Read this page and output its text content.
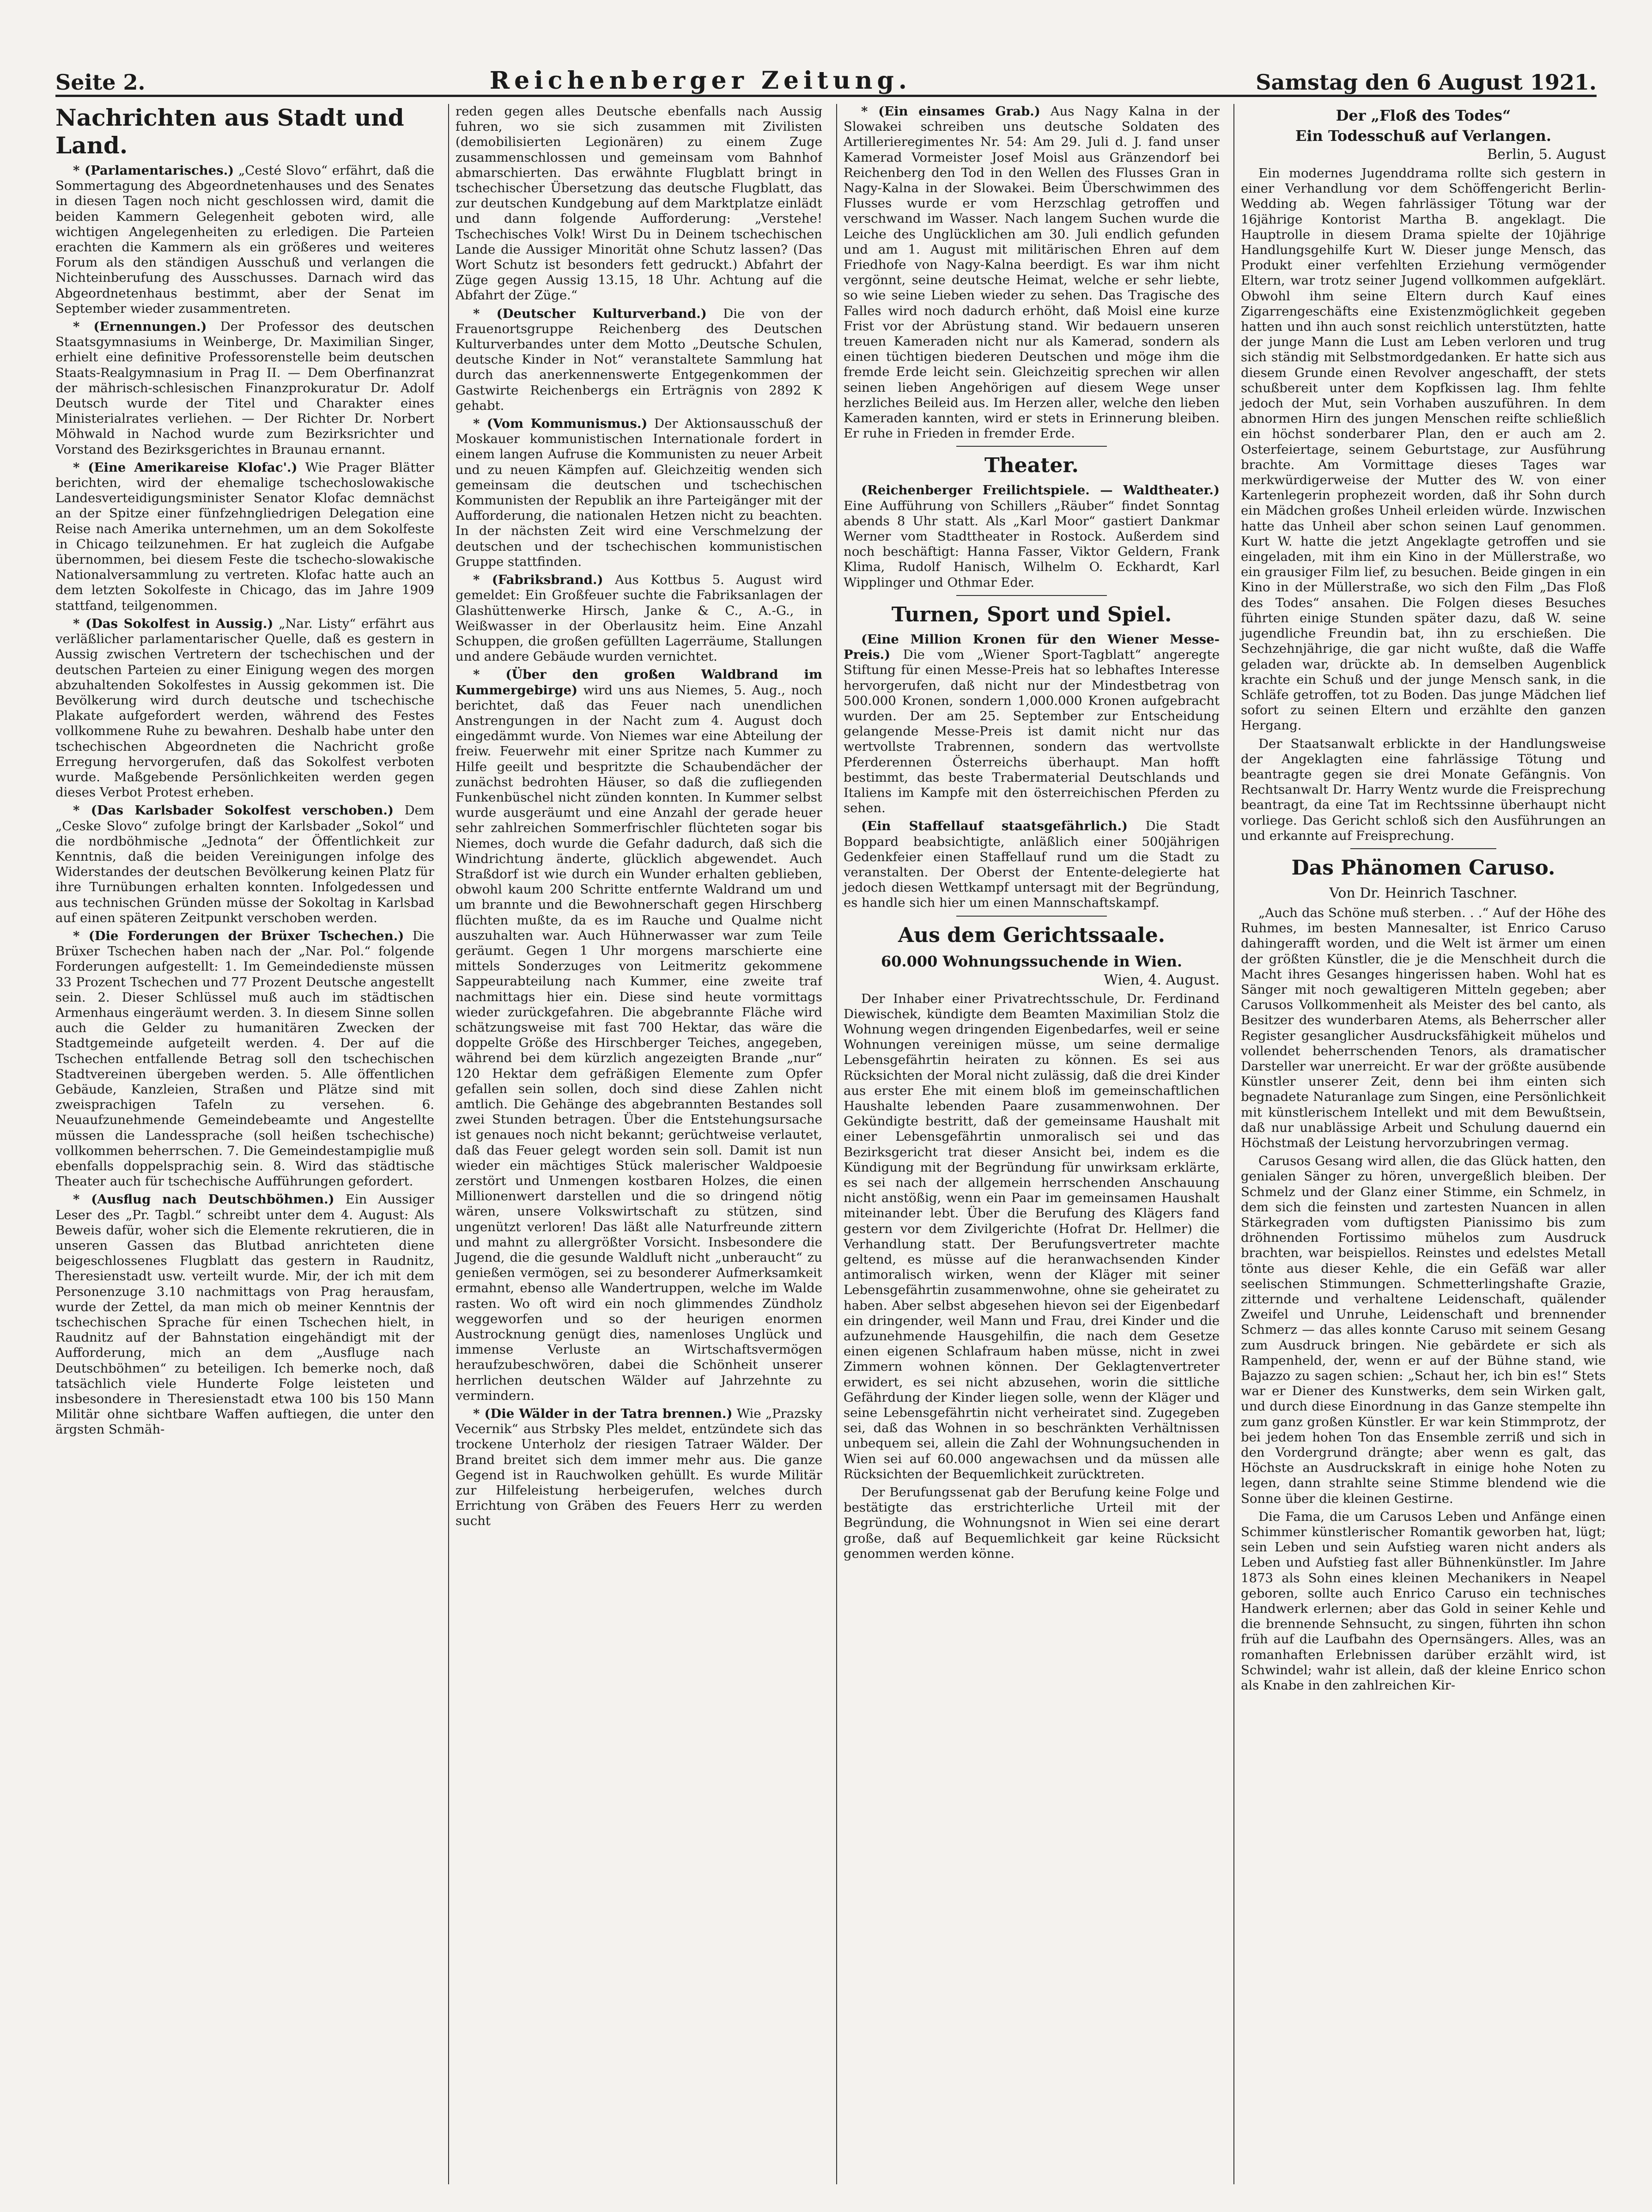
Seite 2.	Reichenberger Zeitung.	Samstag den 6 August 1921.
Nachrichten aus Stadt und Land.

* (Parlamentarisches.) „Cesté Slovo“ erfährt, daß die Sommertagung des Abgeordnetenhauses und des Senates in diesen Tagen noch nicht geschlossen wird, damit die beiden Kammern Gelegenheit geboten wird, alle wichtigen Angelegenheiten zu erledigen. Die Parteien erachten die Kammern als ein größeres und weiteres Forum als den ständigen Ausschuß und verlangen die Nichteinberufung des Ausschusses. Darnach wird das Abgeordnetenhaus bestimmt, aber der Senat im September wieder zusammentreten.

* (Ernennungen.) Der Professor des deutschen Staatsgymnasiums in Weinberge, Dr. Maximilian Singer, erhielt eine definitive Professorenstelle beim deutschen Staats-Realgymnasium in Prag II. — Dem Oberfinanzrat der mährisch-schlesischen Finanzprokuratur Dr. Adolf Deutsch wurde der Titel und Charakter eines Ministerialrates verliehen. — Der Richter Dr. Norbert Möhwald in Nachod wurde zum Bezirksrichter und Vorstand des Bezirksgerichtes in Braunau ernannt.

* (Eine Amerikareise Klofac'.) Wie Prager Blätter berichten, wird der ehemalige tschechoslowakische Landesverteidigungsminister Senator Klofac demnächst an der Spitze einer fünfzehngliedrigen Delegation eine Reise nach Amerika unternehmen, um an dem Sokolfeste in Chicago teilzunehmen. Er hat zugleich die Aufgabe übernommen, bei diesem Feste die tschecho-slowakische Nationalversammlung zu vertreten. Klofac hatte auch an dem letzten Sokolfeste in Chicago, das im Jahre 1909 stattfand, teilgenommen.

* (Das Sokolfest in Aussig.) „Nar. Listy“ erfährt aus verläßlicher parlamentarischer Quelle, daß es gestern in Aussig zwischen Vertretern der tschechischen und der deutschen Parteien zu einer Einigung wegen des morgen abzuhaltenden Sokolfestes in Aussig gekommen ist. Die Bevölkerung wird durch deutsche und tschechische Plakate aufgefordert werden, während des Festes vollkommene Ruhe zu bewahren. Deshalb habe unter den tschechischen Abgeordneten die Nachricht große Erregung hervorgerufen, daß das Sokolfest verboten wurde. Maßgebende Persönlichkeiten werden gegen dieses Verbot Protest erheben.

* (Das Karlsbader Sokolfest verschoben.) Dem „Ceske Slovo“ zufolge bringt der Karlsbader „Sokol“ und die nordböhmische „Jednota“ der Öffentlichkeit zur Kenntnis, daß die beiden Vereinigungen infolge des Widerstandes der deutschen Bevölkerung keinen Platz für ihre Turnübungen erhalten konnten. Infolgedessen und aus technischen Gründen müsse der Sokoltag in Karlsbad auf einen späteren Zeitpunkt verschoben werden.

* (Die Forderungen der Brüxer Tschechen.) Die Brüxer Tschechen haben nach der „Nar. Pol.“ folgende Forderungen aufgestellt: 1. Im Gemeindedienste müssen 33 Prozent Tschechen und 77 Prozent Deutsche angestellt sein. 2. Dieser Schlüssel muß auch im städtischen Armenhaus eingeräumt werden. 3. In diesem Sinne sollen auch die Gelder zu humanitären Zwecken der Stadtgemeinde aufgeteilt werden. 4. Der auf die Tschechen entfallende Betrag soll den tschechischen Stadtvereinen übergeben werden. 5. Alle öffentlichen Gebäude, Kanzleien, Straßen und Plätze sind mit zweisprachigen Tafeln zu versehen. 6. Neuaufzunehmende Gemeindebeamte und Angestellte müssen die Landessprache (soll heißen tschechische) vollkommen beherrschen. 7. Die Gemeindestampiglie muß ebenfalls doppelsprachig sein. 8. Wird das städtische Theater auch für tschechische Aufführungen gefordert.

* (Ausflug nach Deutschböhmen.) Ein Aussiger Leser des „Pr. Tagbl.“ schreibt unter dem 4. August: Als Beweis dafür, woher sich die Elemente rekrutieren, die in unseren Gassen das Blutbad anrichteten diene beigeschlossenes Flugblatt das gestern in Raudnitz, Theresienstadt usw. verteilt wurde. Mir, der ich mit dem Personenzuge 3.10 nachmittags von Prag herausfam, wurde der Zettel, da man mich ob meiner Kenntnis der tschechischen Sprache für einen Tschechen hielt, in Raudnitz auf der Bahnstation eingehändigt mit der Aufforderung, mich an dem „Ausfluge nach Deutschböhmen“ zu beteiligen. Ich bemerke noch, daß tatsächlich viele Hunderte Folge leisteten und insbesondere in Theresienstadt etwa 100 bis 150 Mann Militär ohne sichtbare Waffen auftiegen, die unter den ärgsten Schmäh-

reden gegen alles Deutsche ebenfalls nach Aussig fuhren, wo sie sich zusammen mit Zivilisten (demobilisierten Legionären) zu einem Zuge zusammenschlossen und gemeinsam vom Bahnhof abmarschierten. Das erwähnte Flugblatt bringt in tschechischer Übersetzung das deutsche Flugblatt, das zur deutschen Kundgebung auf dem Marktplatze einlädt und dann folgende Aufforderung: „Verstehe! Tschechisches Volk! Wirst Du in Deinem tschechischen Lande die Aussiger Minorität ohne Schutz lassen? (Das Wort Schutz ist besonders fett gedruckt.) Abfahrt der Züge gegen Aussig 13.15, 18 Uhr. Achtung auf die Abfahrt der Züge.“

* (Deutscher Kulturverband.) Die von der Frauenortsgruppe Reichenberg des Deutschen Kulturverbandes unter dem Motto „Deutsche Schulen, deutsche Kinder in Not“ veranstaltete Sammlung hat durch das anerkennenswerte Entgegenkommen der Gastwirte Reichenbergs ein Erträgnis von 2892 K gehabt.

* (Vom Kommunismus.) Der Aktionsausschuß der Moskauer kommunistischen Internationale fordert in einem langen Aufruse die Kommunisten zu neuer Arbeit und zu neuen Kämpfen auf. Gleichzeitig wenden sich gemeinsam die deutschen und tschechischen Kommunisten der Republik an ihre Parteigänger mit der Aufforderung, die nationalen Hetzen nicht zu beachten. In der nächsten Zeit wird eine Verschmelzung der deutschen und der tschechischen kommunistischen Gruppe stattfinden.

* (Fabriksbrand.) Aus Kottbus 5. August wird gemeldet: Ein Großfeuer suchte die Fabriksanlagen der Glashüttenwerke Hirsch, Janke & C., A.-G., in Weißwasser in der Oberlausitz heim. Eine Anzahl Schuppen, die großen gefüllten Lagerräume, Stallungen und andere Gebäude wurden vernichtet.

* (Über den großen Waldbrand im Kummergebirge) wird uns aus Niemes, 5. Aug., noch berichtet, daß das Feuer nach unendlichen Anstrengungen in der Nacht zum 4. August doch eingedämmt wurde. Von Niemes war eine Abteilung der freiw. Feuerwehr mit einer Spritze nach Kummer zu Hilfe geeilt und bespritzte die Schaubendächer der zunächst bedrohten Häuser, so daß die zufliegenden Funkenbüschel nicht zünden konnten. In Kummer selbst wurde ausgeräumt und eine Anzahl der gerade heuer sehr zahlreichen Sommerfrischler flüchteten sogar bis Niemes, doch wurde die Gefahr dadurch, daß sich die Windrichtung änderte, glücklich abgewendet. Auch Straßdorf ist wie durch ein Wunder erhalten geblieben, obwohl kaum 200 Schritte entfernte Waldrand um und um brannte und die Bewohnerschaft gegen Hirschberg flüchten mußte, da es im Rauche und Qualme nicht auszuhalten war. Auch Hühnerwasser war zum Teile geräumt. Gegen 1 Uhr morgens marschierte eine mittels Sonderzuges von Leitmeritz gekommene Sappeurabteilung nach Kummer, eine zweite traf nachmittags hier ein. Diese sind heute vormittags wieder zurückgefahren. Die abgebrannte Fläche wird schätzungsweise mit fast 700 Hektar, das wäre die doppelte Größe des Hirschberger Teiches, angegeben, während bei dem kürzlich angezeigten Brande „nur“ 120 Hektar dem gefräßigen Elemente zum Opfer gefallen sein sollen, doch sind diese Zahlen nicht amtlich. Die Gehänge des abgebrannten Bestandes soll zwei Stunden betragen. Über die Entstehungsursache ist genaues noch nicht bekannt; gerüchtweise verlautet, daß das Feuer gelegt worden sein soll. Damit ist nun wieder ein mächtiges Stück malerischer Waldpoesie zerstört und Unmengen kostbaren Holzes, die einen Millionenwert darstellen und die so dringend nötig wären, unsere Volkswirtschaft zu stützen, sind ungenützt verloren! Das läßt alle Naturfreunde zittern und mahnt zu allergrößter Vorsicht. Insbesondere die Jugend, die die gesunde Waldluft nicht „unberaucht“ zu genießen vermögen, sei zu besonderer Aufmerksamkeit ermahnt, ebenso alle Wandertruppen, welche im Walde rasten. Wo oft wird ein noch glimmendes Zündholz weggeworfen und so der heurigen enormen Austrocknung genügt dies, namenloses Unglück und immense Verluste an Wirtschaftsvermögen heraufzubeschwören, dabei die Schönheit unserer herrlichen deutschen Wälder auf Jahrzehnte zu vermindern.

* (Die Wälder in der Tatra brennen.) Wie „Prazsky Vecernik“ aus Strbsky Ples meldet, entzündete sich das trockene Unterholz der riesigen Tatraer Wälder. Der Brand breitet sich dem immer mehr aus. Die ganze Gegend ist in Rauchwolken gehüllt. Es wurde Militär zur Hilfeleistung herbeigerufen, welches durch Errichtung von Gräben des Feuers Herr zu werden sucht

* (Ein einsames Grab.) Aus Nagy Kalna in der Slowakei schreiben uns deutsche Soldaten des Artillerieregimentes Nr. 54: Am 29. Juli d. J. fand unser Kamerad Vormeister Josef Moisl aus Gränzendorf bei Reichenberg den Tod in den Wellen des Flusses Gran in Nagy-Kalna in der Slowakei. Beim Überschwimmen des Flusses wurde er vom Herzschlag getroffen und verschwand im Wasser. Nach langem Suchen wurde die Leiche des Unglücklichen am 30. Juli endlich gefunden und am 1. August mit militärischen Ehren auf dem Friedhofe von Nagy-Kalna beerdigt. Es war ihm nicht vergönnt, seine deutsche Heimat, welche er sehr liebte, so wie seine Lieben wieder zu sehen. Das Tragische des Falles wird noch dadurch erhöht, daß Moisl eine kurze Frist vor der Abrüstung stand. Wir bedauern unseren treuen Kameraden nicht nur als Kamerad, sondern als einen tüchtigen biederen Deutschen und möge ihm die fremde Erde leicht sein. Gleichzeitig sprechen wir allen seinen lieben Angehörigen auf diesem Wege unser herzliches Beileid aus. Im Herzen aller, welche den lieben Kameraden kannten, wird er stets in Erinnerung bleiben. Er ruhe in Frieden in fremder Erde.

Theater.

(Reichenberger Freilichtspiele. — Waldtheater.) Eine Aufführung von Schillers „Räuber“ findet Sonntag abends 8 Uhr statt. Als „Karl Moor“ gastiert Dankmar Werner vom Stadttheater in Rostock. Außerdem sind noch beschäftigt: Hanna Fasser, Viktor Geldern, Frank Klima, Rudolf Hanisch, Wilhelm O. Eckhardt, Karl Wipplinger und Othmar Eder.

Turnen, Sport und Spiel.

(Eine Million Kronen für den Wiener Messe-Preis.) Die vom „Wiener Sport-Tagblatt“ angeregte Stiftung für einen Messe-Preis hat so lebhaftes Interesse hervorgerufen, daß nicht nur der Mindestbetrag von 500.000 Kronen, sondern 1,000.000 Kronen aufgebracht wurden. Der am 25. September zur Entscheidung gelangende Messe-Preis ist damit nicht nur das wertvollste Trabrennen, sondern das wertvollste Pferderennen Österreichs überhaupt. Man hofft bestimmt, das beste Trabermaterial Deutschlands und Italiens im Kampfe mit den österreichischen Pferden zu sehen.

(Ein Staffellauf staatsgefährlich.) Die Stadt Boppard beabsichtigte, anläßlich einer 500jährigen Gedenkfeier einen Staffellauf rund um die Stadt zu veranstalten. Der Oberst der Entente-delegierte hat jedoch diesen Wettkampf untersagt mit der Begründung, es handle sich hier um einen Mannschaftskampf.

Aus dem Gerichtssaale.
60.000 Wohnungssuchende in Wien.
Wien, 4. August.

Der Inhaber einer Privatrechtsschule, Dr. Ferdinand Diewischek, kündigte dem Beamten Maximilian Stolz die Wohnung wegen dringenden Eigenbedarfes, weil er seine Wohnungen vereinigen müsse, um seine dermalige Lebensgefährtin heiraten zu können. Es sei aus Rücksichten der Moral nicht zulässig, daß die drei Kinder aus erster Ehe mit einem bloß im gemeinschaftlichen Haushalte lebenden Paare zusammenwohnen. Der Gekündigte bestritt, daß der gemeinsame Haushalt mit einer Lebensgefährtin unmoralisch sei und das Bezirksgericht trat dieser Ansicht bei, indem es die Kündigung mit der Begründung für unwirksam erklärte, es sei nach der allgemein herrschenden Anschauung nicht anstößig, wenn ein Paar im gemeinsamen Haushalt miteinander lebt. Über die Berufung des Klägers fand gestern vor dem Zivilgerichte (Hofrat Dr. Hellmer) die Verhandlung statt. Der Berufungsvertreter machte geltend, es müsse auf die heranwachsenden Kinder antimoralisch wirken, wenn der Kläger mit seiner Lebensgefährtin zusammenwohne, ohne sie geheiratet zu haben. Aber selbst abgesehen hievon sei der Eigenbedarf ein dringender, weil Mann und Frau, drei Kinder und die aufzunehmende Hausgehilfin, die nach dem Gesetze einen eigenen Schlafraum haben müsse, nicht in zwei Zimmern wohnen können. Der Geklagtenvertreter erwidert, es sei nicht abzusehen, worin die sittliche Gefährdung der Kinder liegen solle, wenn der Kläger und seine Lebensgefährtin nicht verheiratet sind. Zugegeben sei, daß das Wohnen in so beschränkten Verhältnissen unbequem sei, allein die Zahl der Wohnungsuchenden in Wien sei auf 60.000 angewachsen und da müssen alle Rücksichten der Bequemlichkeit zurücktreten.

Der Berufungssenat gab der Berufung keine Folge und bestätigte das erstrichterliche Urteil mit der Begründung, die Wohnungsnot in Wien sei eine derart große, daß auf Bequemlichkeit gar keine Rücksicht genommen werden könne.

Der „Floß des Todes“
Ein Todesschuß auf Verlangen.
Berlin, 5. August

Ein modernes Jugenddrama rollte sich gestern in einer Verhandlung vor dem Schöffengericht Berlin-Wedding ab. Wegen fahrlässiger Tötung war der 16jährige Kontorist Martha B. angeklagt. Die Hauptrolle in diesem Drama spielte der 10jährige Handlungsgehilfe Kurt W. Dieser junge Mensch, das Produkt einer verfehlten Erziehung vermögender Eltern, war trotz seiner Jugend vollkommen aufgeklärt. Obwohl ihm seine Eltern durch Kauf eines Zigarrengeschäfts eine Existenzmöglichkeit gegeben hatten und ihn auch sonst reichlich unterstützten, hatte der junge Mann die Lust am Leben verloren und trug sich ständig mit Selbstmordgedanken. Er hatte sich aus diesem Grunde einen Revolver angeschafft, der stets schußbereit unter dem Kopfkissen lag. Ihm fehlte jedoch der Mut, sein Vorhaben auszuführen. In dem abnormen Hirn des jungen Menschen reifte schließlich ein höchst sonderbarer Plan, den er auch am 2. Osterfeiertage, seinem Geburtstage, zur Ausführung brachte. Am Vormittage dieses Tages war merkwürdigerweise der Mutter des W. von einer Kartenlegerin prophezeit worden, daß ihr Sohn durch ein Mädchen großes Unheil erleiden würde. Inzwischen hatte das Unheil aber schon seinen Lauf genommen. Kurt W. hatte die jetzt Angeklagte getroffen und sie eingeladen, mit ihm ein Kino in der Müllerstraße, wo ein grausiger Film lief, zu besuchen. Beide gingen in ein Kino in der Müllerstraße, wo sich den Film „Das Floß des Todes“ ansahen. Die Folgen dieses Besuches führten einige Stunden später dazu, daß W. seine jugendliche Freundin bat, ihn zu erschießen. Die Sechzehnjährige, die gar nicht wußte, daß die Waffe geladen war, drückte ab. In demselben Augenblick krachte ein Schuß und der junge Mensch sank, in die Schläfe getroffen, tot zu Boden. Das junge Mädchen lief sofort zu seinen Eltern und erzählte den ganzen Hergang.

Der Staatsanwalt erblickte in der Handlungsweise der Angeklagten eine fahrlässige Tötung und beantragte gegen sie drei Monate Gefängnis. Von Rechtsanwalt Dr. Harry Wentz wurde die Freisprechung beantragt, da eine Tat im Rechtssinne überhaupt nicht vorliege. Das Gericht schloß sich den Ausführungen an und erkannte auf Freisprechung.

Das Phänomen Caruso.
Von Dr. Heinrich Taschner.

„Auch das Schöne muß sterben. . .“ Auf der Höhe des Ruhmes, im besten Mannesalter, ist Enrico Caruso dahingerafft worden, und die Welt ist ärmer um einen der größten Künstler, die je die Menschheit durch die Macht ihres Gesanges hingerissen haben. Wohl hat es Sänger mit noch gewaltigeren Mitteln gegeben; aber Carusos Vollkommenheit als Meister des bel canto, als Besitzer des wunderbaren Atems, als Beherrscher aller Register gesanglicher Ausdrucksfähigkeit mühelos und vollendet beherrschenden Tenors, als dramatischer Darsteller war unerreicht. Er war der größte ausübende Künstler unserer Zeit, denn bei ihm einten sich begnadete Naturanlage zum Singen, eine Persönlichkeit mit künstlerischem Intellekt und mit dem Bewußtsein, daß nur unablässige Arbeit und Schulung dauernd ein Höchstmaß der Leistung hervorzubringen vermag.

Carusos Gesang wird allen, die das Glück hatten, den genialen Sänger zu hören, unvergeßlich bleiben. Der Schmelz und der Glanz einer Stimme, ein Schmelz, in dem sich die feinsten und zartesten Nuancen in allen Stärkegraden vom duftigsten Pianissimo bis zum dröhnenden Fortissimo mühelos zum Ausdruck brachten, war beispiellos. Reinstes und edelstes Metall tönte aus dieser Kehle, die ein Gefäß war aller seelischen Stimmungen. Schmetterlingshafte Grazie, zitternde und verhaltene Leidenschaft, quälender Zweifel und Unruhe, Leidenschaft und brennender Schmerz — das alles konnte Caruso mit seinem Gesang zum Ausdruck bringen. Nie gebärdete er sich als Rampenheld, der, wenn er auf der Bühne stand, wie Bajazzo zu sagen schien: „Schaut her, ich bin es!“ Stets war er Diener des Kunstwerks, dem sein Wirken galt, und durch diese Einordnung in das Ganze stempelte ihn zum ganz großen Künstler. Er war kein Stimmprotz, der bei jedem hohen Ton das Ensemble zerriß und sich in den Vordergrund drängte; aber wenn es galt, das Höchste an Ausdruckskraft in einige hohe Noten zu legen, dann strahlte seine Stimme blendend wie die Sonne über die kleinen Gestirne.

Die Fama, die um Carusos Leben und Anfänge einen Schimmer künstlerischer Romantik geworben hat, lügt; sein Leben und sein Aufstieg waren nicht anders als Leben und Aufstieg fast aller Bühnenkünstler. Im Jahre 1873 als Sohn eines kleinen Mechanikers in Neapel geboren, sollte auch Enrico Caruso ein technisches Handwerk erlernen; aber das Gold in seiner Kehle und die brennende Sehnsucht, zu singen, führten ihn schon früh auf die Laufbahn des Opernsängers. Alles, was an romanhaften Erlebnissen darüber erzählt wird, ist Schwindel; wahr ist allein, daß der kleine Enrico schon als Knabe in den zahlreichen Kir-
